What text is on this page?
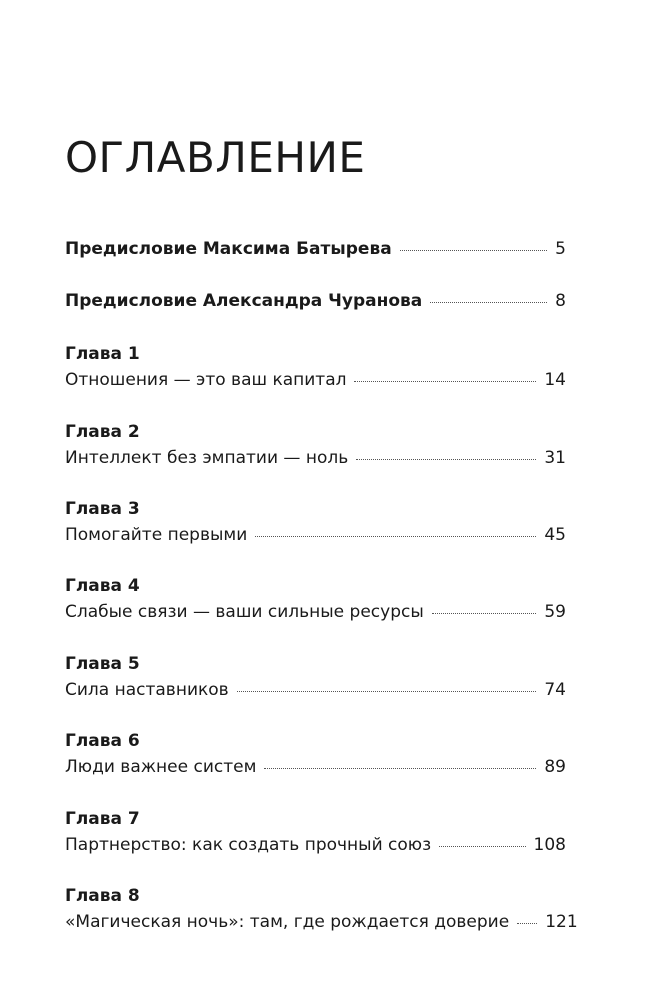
ОГЛАВЛЕНИЕ
Предисловие Максима Батырева	5
Предисловие Александра Чуранова	8
Глава 1
Отношения — это ваш капитал	14
Глава 2
Интеллект без эмпатии — ноль	31
Глава 3
Помогайте первыми	45
Глава 4
Слабые связи — ваши сильные ресурсы	59
Глава 5
Сила наставников	74
Глава 6
Люди важнее систем	89
Глава 7
Партнерство: как создать прочный союз	108
Глава 8
«Магическая ночь»: там, где рождается доверие 121
